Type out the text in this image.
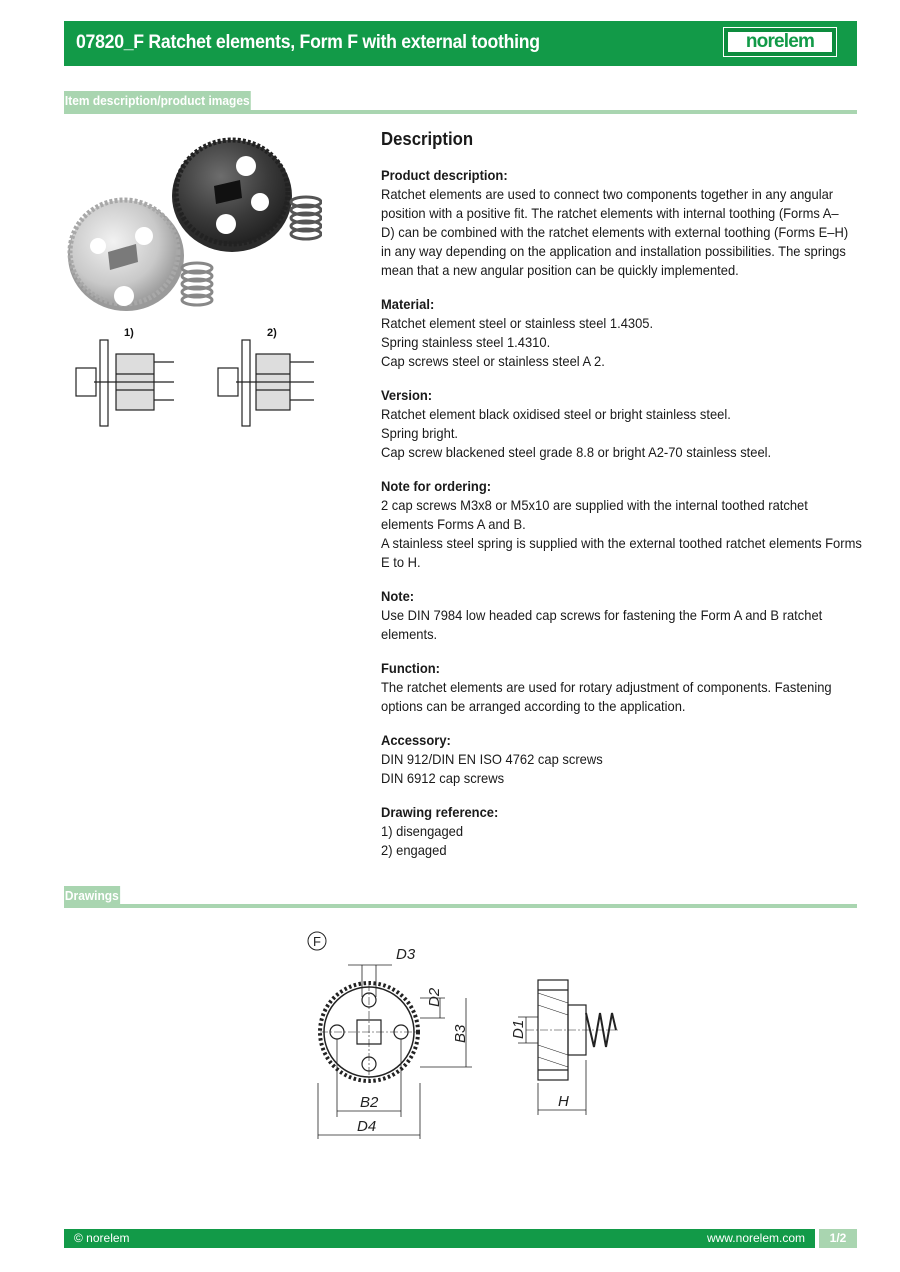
07820_F Ratchet elements, Form F with external toothing	norelem
Item description/product images
1)	2)
Description
Product description:
Ratchet elements are used to connect two components together in any angular
position with a positive fit. The ratchet elements with internal toothing (Forms A–
D) can be combined with the ratchet elements with external toothing (Forms E–H)
in any way depending on the application and installation possibilities. The springs
mean that a new angular position can be quickly implemented.
Material:
Ratchet element steel or stainless steel 1.4305.
Spring stainless steel 1.4310.
Cap screws steel or stainless steel A 2.
Version:
Ratchet element black oxidised steel or bright stainless steel.
Spring bright.
Cap screw blackened steel grade 8.8 or bright A2-70 stainless steel.
Note for ordering:
2 cap screws M3x8 or M5x10 are supplied with the internal toothed ratchet
elements Forms A and B.
A stainless steel spring is supplied with the external toothed ratchet elements Forms
E to H.
Note:
Use DIN 7984 low headed cap screws for fastening the Form A and B ratchet
elements.
Function:
The ratchet elements are used for rotary adjustment of components. Fastening
options can be arranged according to the application.
Accessory:
DIN 912/DIN EN ISO 4762 cap screws
DIN 6912 cap screws
Drawing reference:
1) disengaged
2) engaged
Drawings
F
D3
D2
B3
B2
D4
D1
H
© norelem	www.norelem.com	1/2
